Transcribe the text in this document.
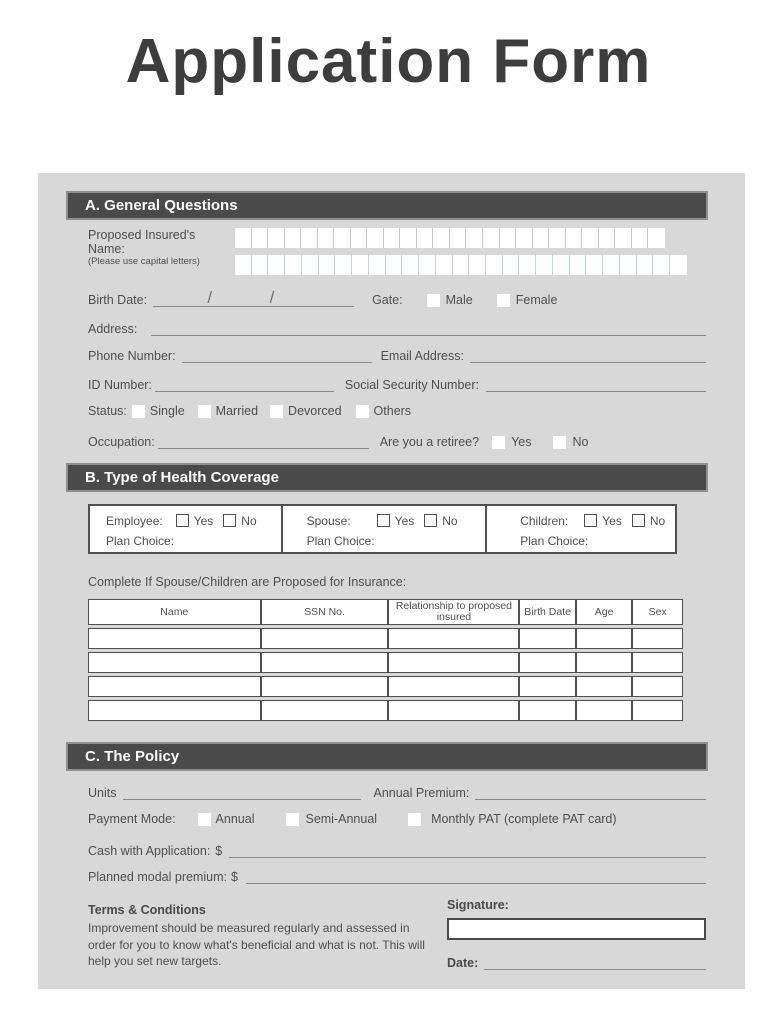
Application Form
A. General Questions
Proposed Insured's Name:
(Please use capital letters)
Birth Date:	/	/	Gate:	Male	Female
Address:
Phone Number:	Email Address:
ID Number:	Social Security Number:
Status: Single Married Devorced	Others
Occupation:	Are you a retiree?	Yes	No
B. Type of Health Coverage
Employee:	Yes No
Plan Choice:
Spouse:	Yes No
Plan Choice:
Children:	Yes No
Plan Choice:
Complete If Spouse/Children are Proposed for Insurance:
Name	SSN No.	Relationship to proposed insured	Birth Date	Age	Sex

C. The Policy
Units	Annual Premium:
Payment Mode:	Annual	Semi-Annual	Monthly PAT (complete PAT card)
Cash with Application: $
Planned modal premium: $
Terms & Conditions

Improvement should be measured regularly and assessed in order for you to know what's beneficial and what is not. This will help you set new targets.

Signature:
Date:
